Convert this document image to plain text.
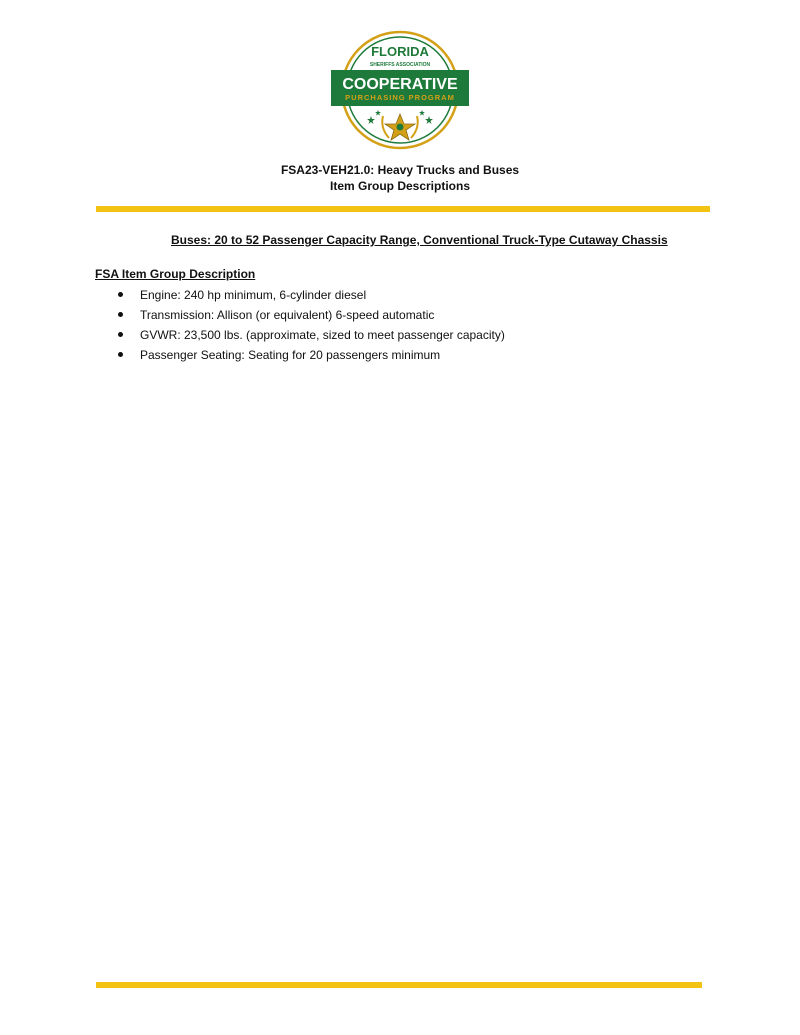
FLORIDA
SHERIFFS ASSOCIATION
COOPERATIVE
PURCHASING PROGRAM
FSA23-VEH21.0: Heavy Trucks and Buses
Item Group Descriptions
Buses: 20 to 52 Passenger Capacity Range, Conventional Truck-Type Cutaway Chassis
FSA Item Group Description
Engine: 240 hp minimum, 6-cylinder diesel
Transmission: Allison (or equivalent) 6-speed automatic
GVWR: 23,500 lbs. (approximate, sized to meet passenger capacity)
Passenger Seating: Seating for 20 passengers minimum
